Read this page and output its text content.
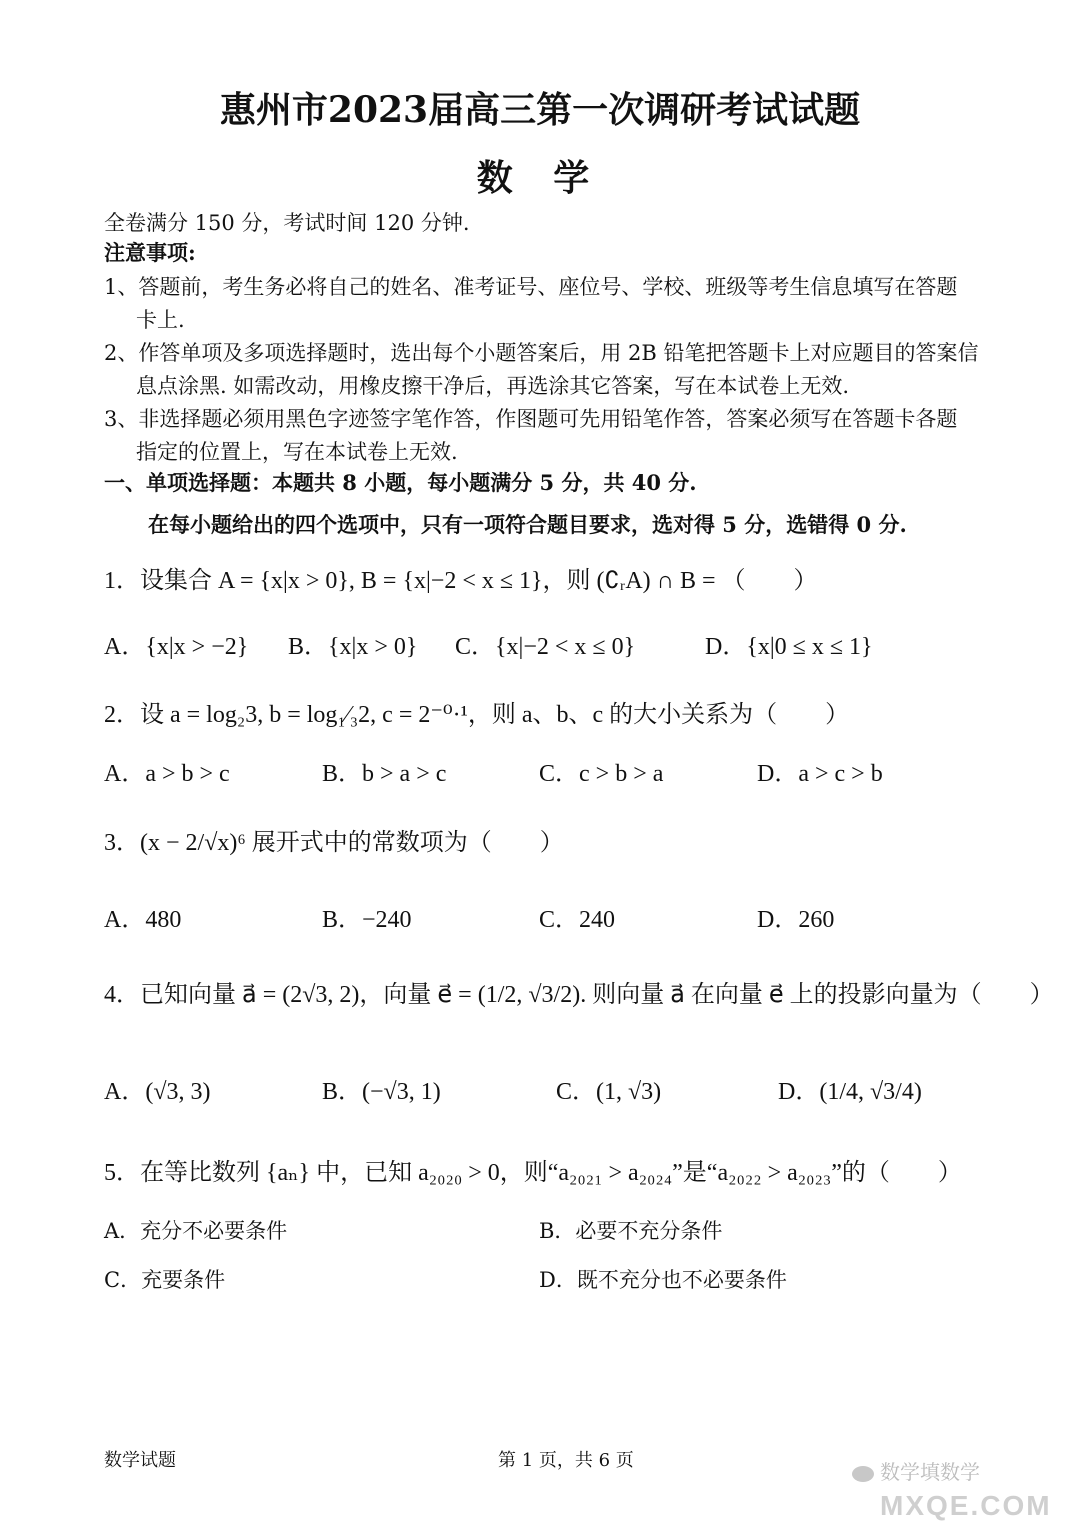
惠州市2023届高三第一次调研考试试题
数 学
全卷满分 150 分，考试时间 120 分钟.
注意事项:
1、答题前，考生务必将自己的姓名、准考证号、座位号、学校、班级等考生信息填写在答题
卡上.
2、作答单项及多项选择题时，选出每个小题答案后，用 2B 铅笔把答题卡上对应题目的答案信
息点涂黑. 如需改动，用橡皮擦干净后，再选涂其它答案，写在本试卷上无效.
3、非选择题必须用黑色字迹签字笔作答，作图题可先用铅笔作答，答案必须写在答题卡各题
指定的位置上，写在本试卷上无效.
一、单项选择题：本题共 8 小题，每小题满分 5 分，共 40 分.
在每小题给出的四个选项中，只有一项符合题目要求，选对得 5 分，选错得 0 分.
1．设集合 A = {x|x > 0}, B = {x|−2 < x ≤ 1}，则 (∁ᵣA) ∩ B = （　　）
A．{x|x > −2} B．{x|x > 0} C．{x|−2 < x ≤ 0}	D．{x|0 ≤ x ≤ 1}
2．设 a = log₂3, b = log₁⁄₃2, c = 2⁻⁰·¹，则 a、b、c 的大小关系为（　　）
A．a > b > c	B．b > a > c	C．c > b > a	D．a > c > b
3．(x − 2/√x)⁶ 展开式中的常数项为（　　）
A．480	B．−240	C．240	D．260
4．已知向量 a⃗ = (2√3, 2)，向量 e⃗ = (1/2, √3/2). 则向量 a⃗ 在向量 e⃗ 上的投影向量为（　　）
A．(√3, 3)	B．(−√3, 1)	C．(1, √3)	D．(1/4, √3/4)
5．在等比数列 {aₙ} 中，已知 a₂₀₂₀ > 0，则“a₂₀₂₁ > a₂₀₂₄”是“a₂₀₂₂ > a₂₀₂₃”的（　　）
A．充分不必要条件	B．必要不充分条件
C．充要条件	D．既不充分也不必要条件
数学试题	第 1 页，共 6 页
数学填数学
MXQE.COM
